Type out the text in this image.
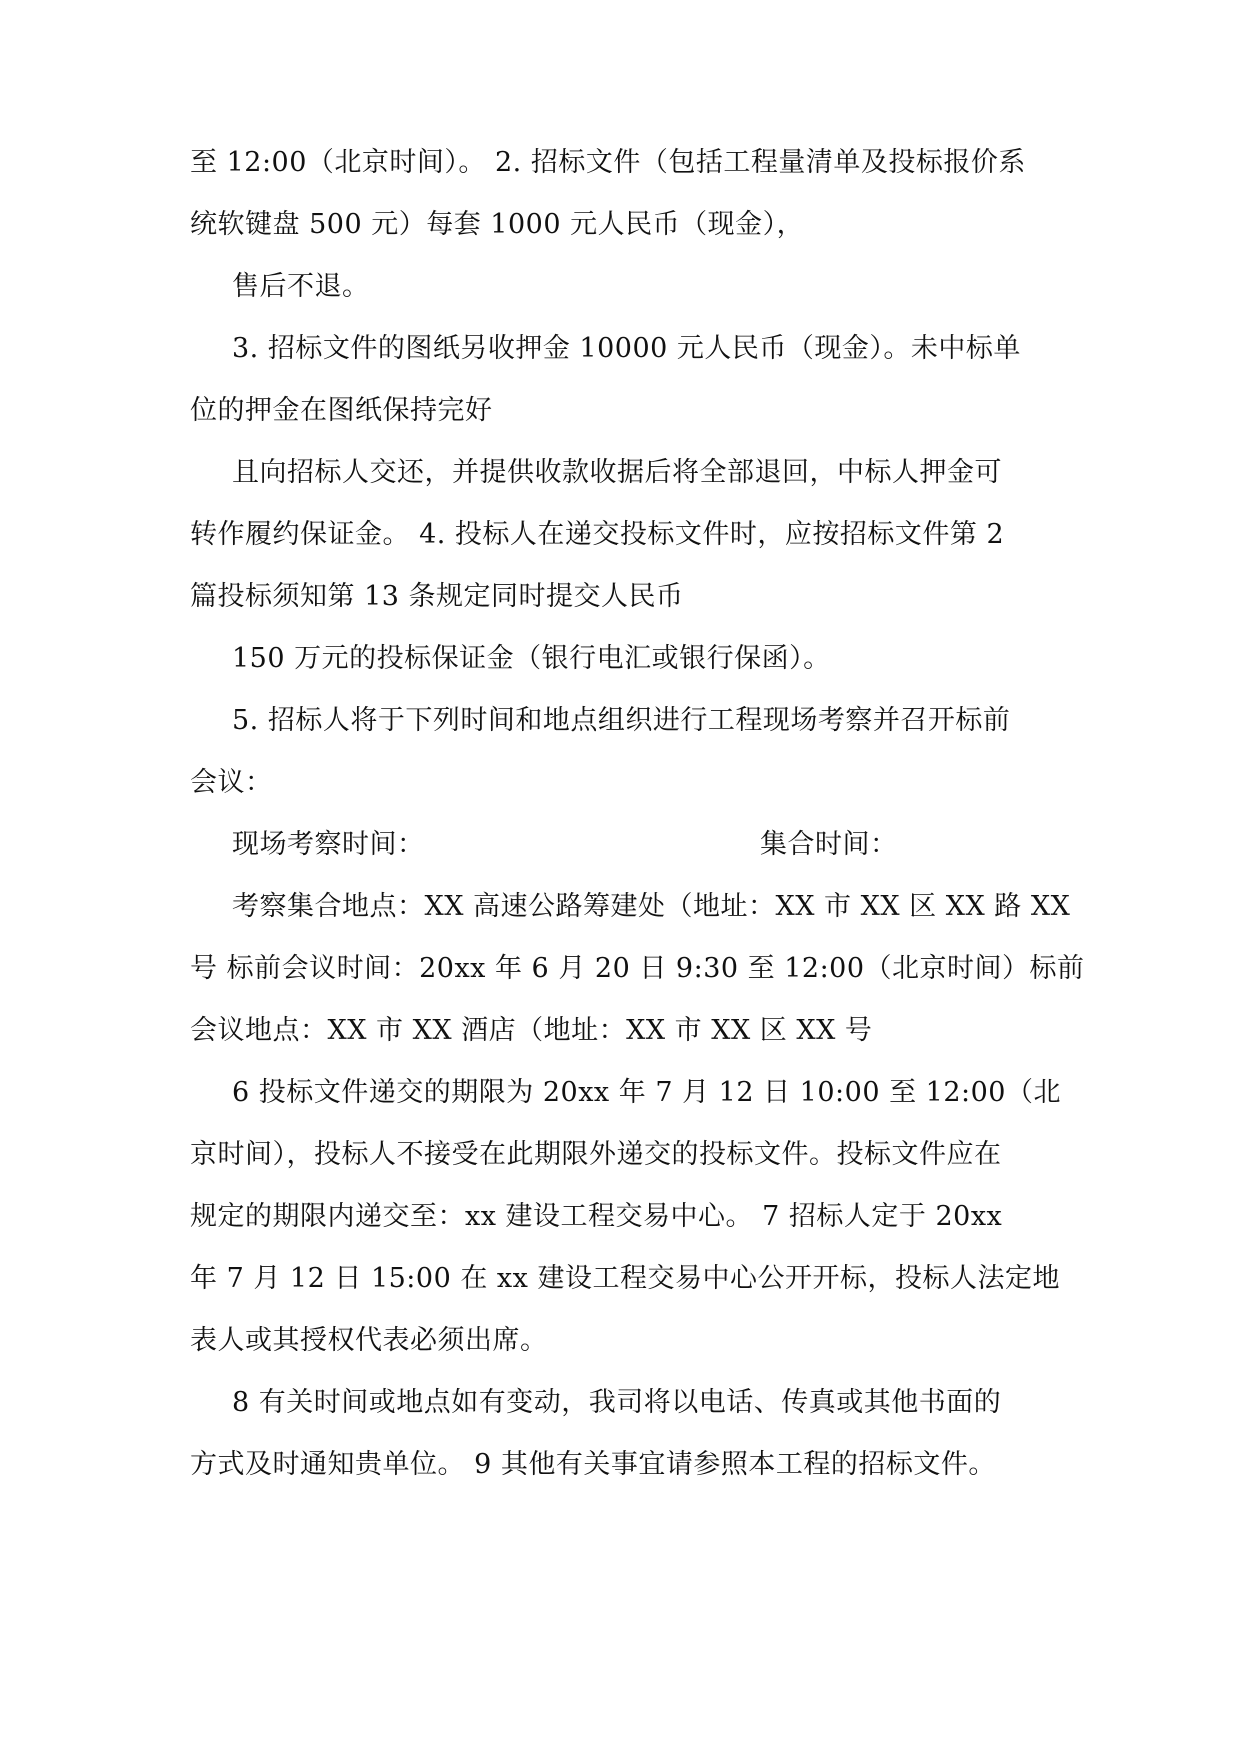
至 12:00（北京时间）。 2. 招标文件（包括工程量清单及投标报价系
统软键盘 500 元）每套 1000 元人民币（现金），
售后不退。
3. 招标文件的图纸另收押金 10000 元人民币（现金）。未中标单
位的押金在图纸保持完好
且向招标人交还，并提供收款收据后将全部退回，中标人押金可
转作履约保证金。 4. 投标人在递交投标文件时，应按招标文件第 2
篇投标须知第 13 条规定同时提交人民币
150 万元的投标保证金（银行电汇或银行保函）。
5. 招标人将于下列时间和地点组织进行工程现场考察并召开标前
会议：
现场考察时间：	集合时间：
考察集合地点：XX 高速公路筹建处（地址：XX 市 XX 区 XX 路 XX
号 标前会议时间：20xx 年 6 月 20 日 9:30 至 12:00（北京时间）标前
会议地点：XX 市 XX 酒店（地址：XX 市 XX 区 XX 号
6 投标文件递交的期限为 20xx 年 7 月 12 日 10:00 至 12:00（北
京时间），投标人不接受在此期限外递交的投标文件。投标文件应在
规定的期限内递交至：xx 建设工程交易中心。 7 招标人定于 20xx
年 7 月 12 日 15:00 在 xx 建设工程交易中心公开开标，投标人法定地
表人或其授权代表必须出席。
8 有关时间或地点如有变动，我司将以电话、传真或其他书面的
方式及时通知贵单位。 9 其他有关事宜请参照本工程的招标文件。
